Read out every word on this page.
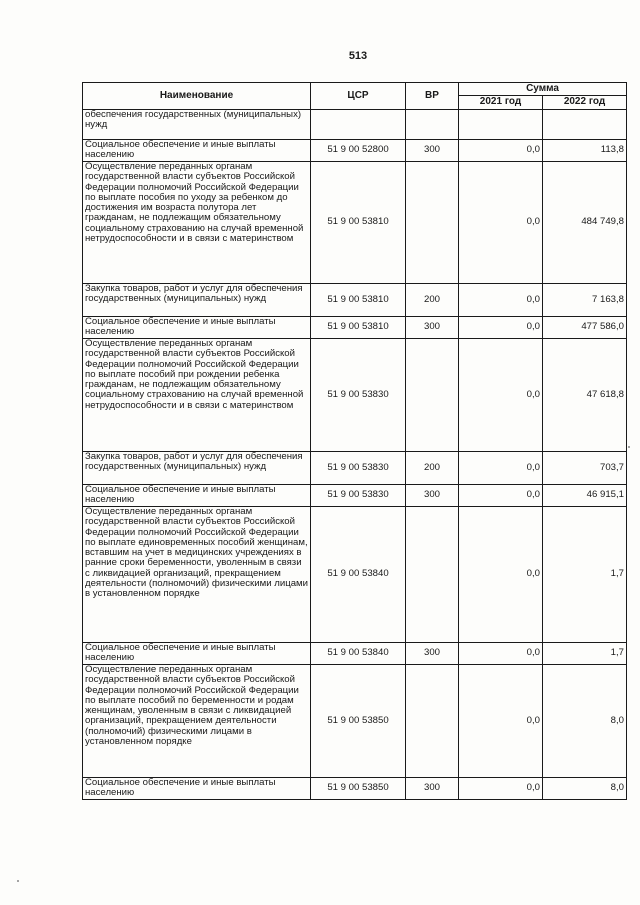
513
Наименование	ЦСР	ВР	Сумма	
			2021 год	2022 год
обеспечения государственных (муниципальных) нужд				
Социальное обеспечение и иные выплаты населению	51 9 00 52800	300	0,0	113,8
Осуществление переданных органам государственной власти субъектов Российской Федерации полномочий Российской Федерации по выплате пособия по уходу за ребенком до достижения им возраста полутора лет гражданам, не подлежащим обязательному социальному страхованию на случай временной нетрудоспособности и в связи с материнством	51 9 00 53810		0,0	484 749,8
Закупка товаров, работ и услуг для обеспечения государственных (муниципальных) нужд	51 9 00 53810	200	0,0	7 163,8
Социальное обеспечение и иные выплаты населению	51 9 00 53810	300	0,0	477 586,0
Осуществление переданных органам государственной власти субъектов Российской Федерации полномочий Российской Федерации по выплате пособий при рождении ребенка гражданам, не подлежащим обязательному социальному страхованию на случай временной нетрудоспособности и в связи с материнством	51 9 00 53830		0,0	47 618,8
Закупка товаров, работ и услуг для обеспечения государственных (муниципальных) нужд	51 9 00 53830	200	0,0	703,7
Социальное обеспечение и иные выплаты населению	51 9 00 53830	300	0,0	46 915,1
Осуществление переданных органам государственной власти субъектов Российской Федерации полномочий Российской Федерации по выплате единовременных пособий женщинам, вставшим на учет в медицинских учреждениях в ранние сроки беременности, уволенным в связи с ликвидацией организаций, прекращением деятельности (полномочий) физическими лицами в установленном порядке	51 9 00 53840		0,0	1,7
Социальное обеспечение и иные выплаты населению	51 9 00 53840	300	0,0	1,7
Осуществление переданных органам государственной власти субъектов Российской Федерации полномочий Российской Федерации по выплате пособий по беременности и родам женщинам, уволенным в связи с ликвидацией организаций, прекращением деятельности (полномочий) физическими лицами в установленном порядке	51 9 00 53850		0,0	8,0
Социальное обеспечение и иные выплаты населению	51 9 00 53850	300	0,0	8,0
